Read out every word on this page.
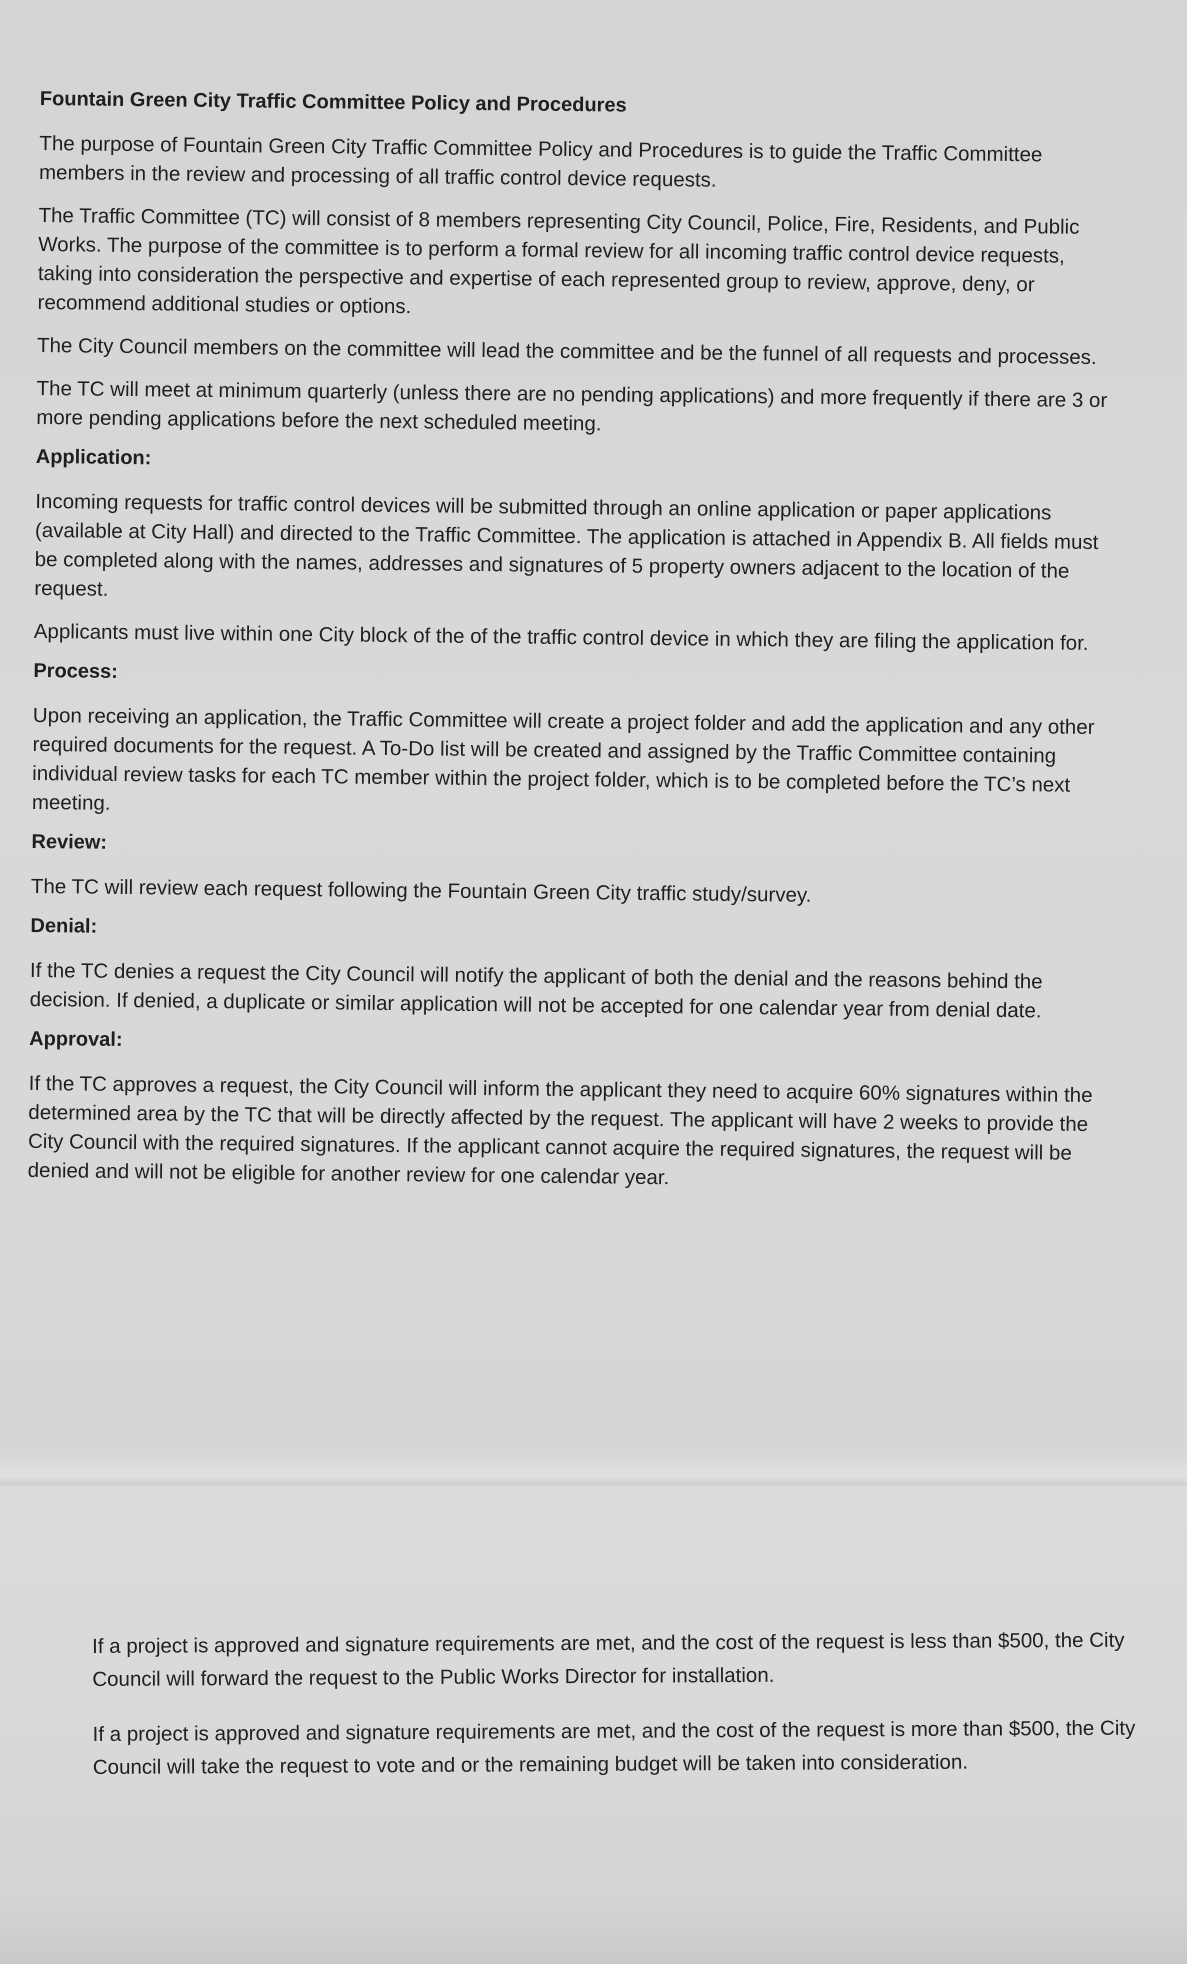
Fountain Green City Traffic Committee Policy and Procedures

The purpose of Fountain Green City Traffic Committee Policy and Procedures is to guide the Traffic Committee members in the review and processing of all traffic control device requests.

The Traffic Committee (TC) will consist of 8 members representing City Council, Police, Fire, Residents, and Public Works. The purpose of the committee is to perform a formal review for all incoming traffic control device requests, taking into consideration the perspective and expertise of each represented group to review, approve, deny, or recommend additional studies or options.

The City Council members on the committee will lead the committee and be the funnel of all requests and processes.

The TC will meet at minimum quarterly (unless there are no pending applications) and more frequently if there are 3 or more pending applications before the next scheduled meeting.

Application:

Incoming requests for traffic control devices will be submitted through an online application or paper applications (available at City Hall) and directed to the Traffic Committee. The application is attached in Appendix B. All fields must be completed along with the names, addresses and signatures of 5 property owners adjacent to the location of the request.

Applicants must live within one City block of the of the traffic control device in which they are filing the application for.

Process:

Upon receiving an application, the Traffic Committee will create a project folder and add the application and any other required documents for the request. A To-Do list will be created and assigned by the Traffic Committee containing individual review tasks for each TC member within the project folder, which is to be completed before the TC’s next meeting.

Review:

The TC will review each request following the Fountain Green City traffic study/survey.

Denial:

If the TC denies a request the City Council will notify the applicant of both the denial and the reasons behind the decision. If denied, a duplicate or similar application will not be accepted for one calendar year from denial date.

Approval:

If the TC approves a request, the City Council will inform the applicant they need to acquire 60% signatures within the determined area by the TC that will be directly affected by the request. The applicant will have 2 weeks to provide the City Council with the required signatures. If the applicant cannot acquire the required signatures, the request will be denied and will not be eligible for another review for one calendar year.

If a project is approved and signature requirements are met, and the cost of the request is less than $500, the City Council will forward the request to the Public Works Director for installation.

If a project is approved and signature requirements are met, and the cost of the request is more than $500, the City Council will take the request to vote and or the remaining budget will be taken into consideration.
